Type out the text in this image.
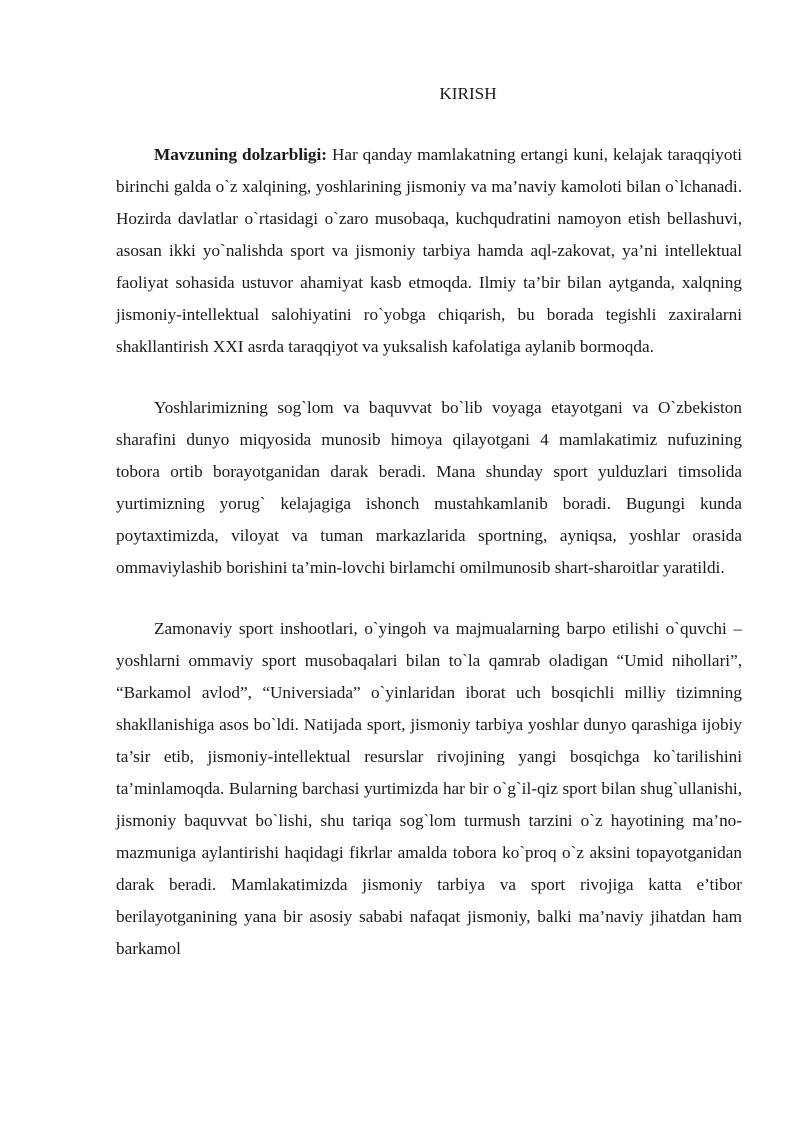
KIRISH

Mavzuning dolzarbligi: Har qanday mamlakatning ertangi kuni, kelajak taraqqiyoti birinchi galda o`z xalqining, yoshlarining jismoniy va ma’naviy kamoloti bilan o`lchanadi. Hozirda davlatlar o`rtasidagi o`zaro musobaqa, kuchqudratini namoyon etish bellashuvi, asosan ikki yo`nalishda sport va jismoniy tarbiya hamda aql-zakovat, ya’ni intellektual faoliyat sohasida ustuvor ahamiyat kasb etmoqda. Ilmiy ta’bir bilan aytganda, xalqning jismoniy-intellektual salohiyatini ro`yobga chiqarish, bu borada tegishli zaxiralarni shakllantirish XXI asrda taraqqiyot va yuksalish kafolatiga aylanib bormoqda.

Yoshlarimizning sog`lom va baquvvat bo`lib voyaga etayotgani va O`zbekiston sharafini dunyo miqyosida munosib himoya qilayotgani 4 mamlakatimiz nufuzining tobora ortib borayotganidan darak beradi. Mana shunday sport yulduzlari timsolida yurtimizning yorug` kelajagiga ishonch mustahkamlanib boradi. Bugungi kunda poytaxtimizda, viloyat va tuman markazlarida sportning, ayniqsa, yoshlar orasida ommaviylashib borishini ta’min-lovchi birlamchi omilmunosib shart-sharoitlar yaratildi.

Zamonaviy sport inshootlari, o`yingoh va majmualarning barpo etilishi o`quvchi – yoshlarni ommaviy sport musobaqalari bilan to`la qamrab oladigan “Umid nihollari”, “Barkamol avlod”, “Universiada” o`yinlaridan iborat uch bosqichli milliy tizimning shakllanishiga asos bo`ldi. Natijada sport, jismoniy tarbiya yoshlar dunyo qarashiga ijobiy ta’sir etib, jismoniy-intellektual resurslar rivojining yangi bosqichga ko`tarilishini ta’minlamoqda. Bularning barchasi yurtimizda har bir o`g`il-qiz sport bilan shug`ullanishi, jismoniy baquvvat bo`lishi, shu tariqa sog`lom turmush tarzini o`z hayotining ma’no-mazmuniga aylantirishi haqidagi fikrlar amalda tobora ko`proq o`z aksini topayotganidan darak beradi. Mamlakatimizda jismoniy tarbiya va sport rivojiga katta e’tibor berilayotganining yana bir asosiy sababi nafaqat jismoniy, balki ma’naviy jihatdan ham barkamol
